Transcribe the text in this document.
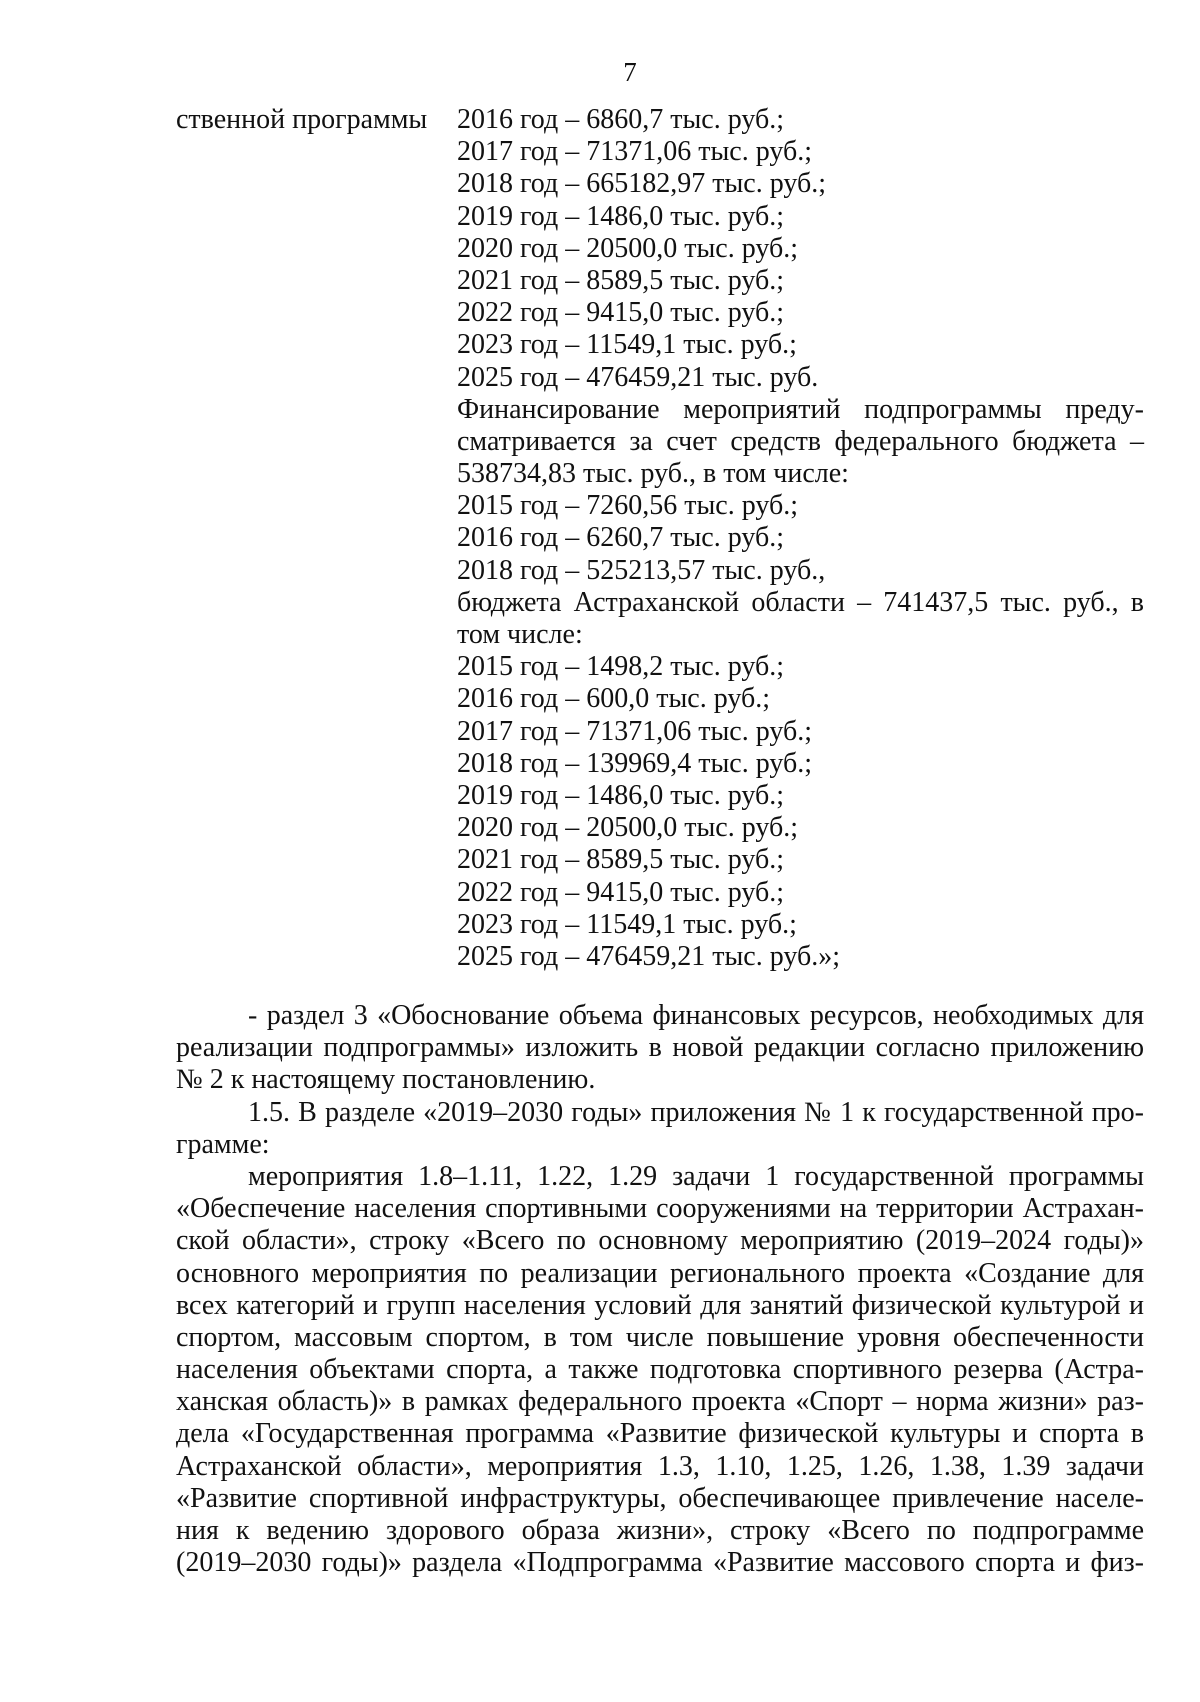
7
ственной программы 2016 год – 6860,7 тыс. руб.;
2017 год – 71371,06 тыс. руб.;
2018 год – 665182,97 тыс. руб.;
2019 год – 1486,0 тыс. руб.;
2020 год – 20500,0 тыс. руб.;
2021 год – 8589,5 тыс. руб.;
2022 год – 9415,0 тыс. руб.;
2023 год – 11549,1 тыс. руб.;
2025 год – 476459,21 тыс. руб.
Финансирование мероприятий подпрограммы преду-
сматривается за счет средств федерального бюджета –
538734,83 тыс. руб., в том числе:
2015 год – 7260,56 тыс. руб.;
2016 год – 6260,7 тыс. руб.;
2018 год – 525213,57 тыс. руб.,
бюджета Астраханской области – 741437,5 тыс. руб., в
том числе:
2015 год – 1498,2 тыс. руб.;
2016 год – 600,0 тыс. руб.;
2017 год – 71371,06 тыс. руб.;
2018 год – 139969,4 тыс. руб.;
2019 год – 1486,0 тыс. руб.;
2020 год – 20500,0 тыс. руб.;
2021 год – 8589,5 тыс. руб.;
2022 год – 9415,0 тыс. руб.;
2023 год – 11549,1 тыс. руб.;
2025 год – 476459,21 тыс. руб.»;
- раздел 3 «Обоснование объема финансовых ресурсов, необходимых для
реализации подпрограммы» изложить в новой редакции согласно приложению
№ 2 к настоящему постановлению.
1.5. В разделе «2019–2030 годы» приложения № 1 к государственной про-
грамме:
мероприятия 1.8–1.11, 1.22, 1.29 задачи 1 государственной программы
«Обеспечение населения спортивными сооружениями на территории Астрахан-
ской области», строку «Всего по основному мероприятию (2019–2024 годы)»
основного мероприятия по реализации регионального проекта «Создание для
всех категорий и групп населения условий для занятий физической культурой и
спортом, массовым спортом, в том числе повышение уровня обеспеченности
населения объектами спорта, а также подготовка спортивного резерва (Астра-
ханская область)» в рамках федерального проекта «Спорт – норма жизни» раз-
дела «Государственная программа «Развитие физической культуры и спорта в
Астраханской области», мероприятия 1.3, 1.10, 1.25, 1.26, 1.38, 1.39 задачи
«Развитие спортивной инфраструктуры, обеспечивающее привлечение населе-
ния к ведению здорового образа жизни», строку «Всего по подпрограмме
(2019–2030 годы)» раздела «Подпрограмма «Развитие массового спорта и физ-
